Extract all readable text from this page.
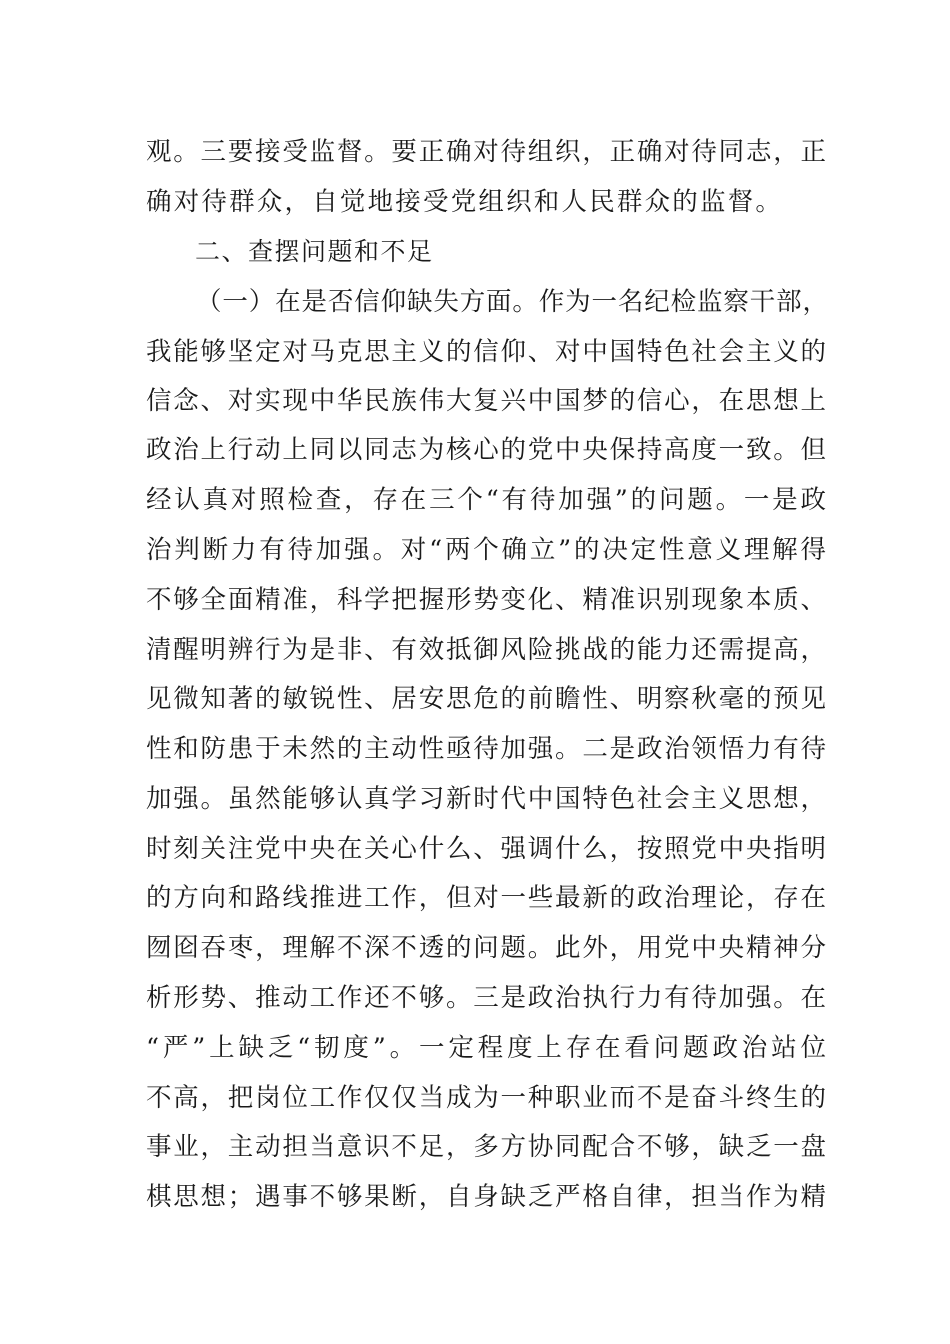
观。三要接受监督。要正确对待组织，正确对待同志，正
确对待群众，自觉地接受党组织和人民群众的监督。
二、查摆问题和不足
（一）在是否信仰缺失方面。作为一名纪检监察干部，
我能够坚定对马克思主义的信仰、对中国特色社会主义的
信念、对实现中华民族伟大复兴中国梦的信心，在思想上
政治上行动上同以同志为核心的党中央保持高度一致。但
经认真对照检查，存在三个“有待加强”的问题。一是政
治判断力有待加强。对“两个确立”的决定性意义理解得
不够全面精准，科学把握形势变化、精准识别现象本质、
清醒明辨行为是非、有效抵御风险挑战的能力还需提高，
见微知著的敏锐性、居安思危的前瞻性、明察秋毫的预见
性和防患于未然的主动性亟待加强。二是政治领悟力有待
加强。虽然能够认真学习新时代中国特色社会主义思想，
时刻关注党中央在关心什么、强调什么，按照党中央指明
的方向和路线推进工作，但对一些最新的政治理论，存在
囫囵吞枣，理解不深不透的问题。此外，用党中央精神分
析形势、推动工作还不够。三是政治执行力有待加强。在
“严”上缺乏“韧度”。一定程度上存在看问题政治站位
不高，把岗位工作仅仅当成为一种职业而不是奋斗终生的
事业，主动担当意识不足，多方协同配合不够，缺乏一盘
棋思想；遇事不够果断，自身缺乏严格自律，担当作为精
